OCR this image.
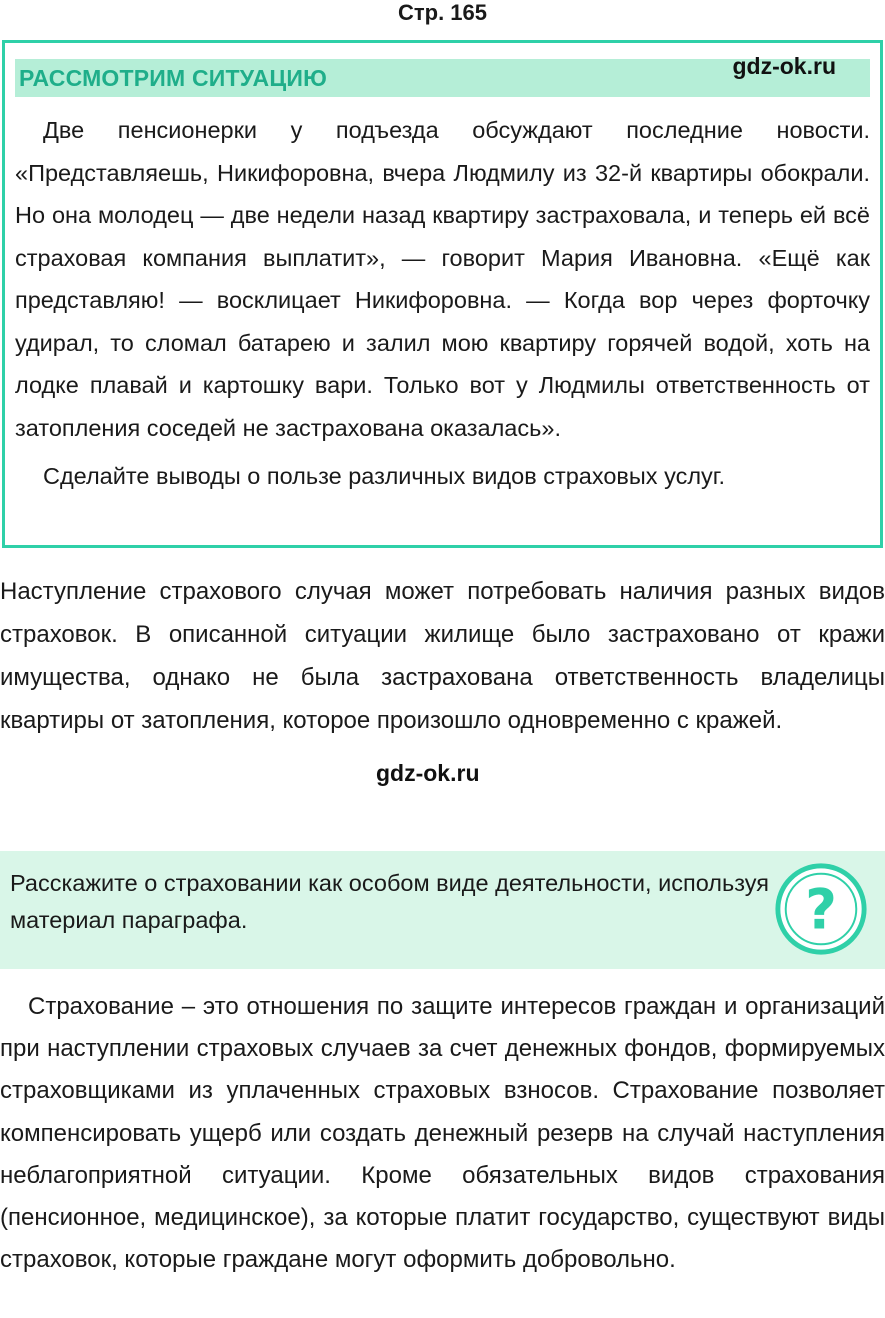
Стр. 165
РАССМОТРИМ СИТУАЦИЮ	gdz-ok.ru

Две пенсионерки у подъезда обсуждают последние новости. «Представляешь, Никифоровна, вчера Людмилу из 32-й квартиры обокрали. Но она молодец — две недели назад квартиру застраховала, и теперь ей всё страховая компания выплатит», — говорит Мария Ивановна. «Ещё как представляю! — восклицает Никифоровна. — Когда вор через форточку удирал, то сломал батарею и залил мою квартиру горячей водой, хоть на лодке плавай и картошку вари. Только вот у Людмилы ответственность от затопления соседей не застрахована оказалась».

Сделайте выводы о пользе различных видов страховых услуг.

Наступление страхового случая может потребовать наличия разных видов страховок. В описанной ситуации жилище было застраховано от кражи имущества, однако не была застрахована ответственность владелицы квартиры от затопления, которое произошло одновременно с кражей.
gdz-ok.ru
Расскажите о страховании как особом виде деятельности, используя материал параграфа.	?

Страхование – это отношения по защите интересов граждан и организаций при наступлении страховых случаев за счет денежных фондов, формируемых страховщиками из уплаченных страховых взносов. Страхование позволяет компенсировать ущерб или создать денежный резерв на случай наступления неблагоприятной ситуации. Кроме обязательных видов страхования (пенсионное, медицинское), за которые платит государство, существуют виды страховок, которые граждане могут оформить добровольно.
